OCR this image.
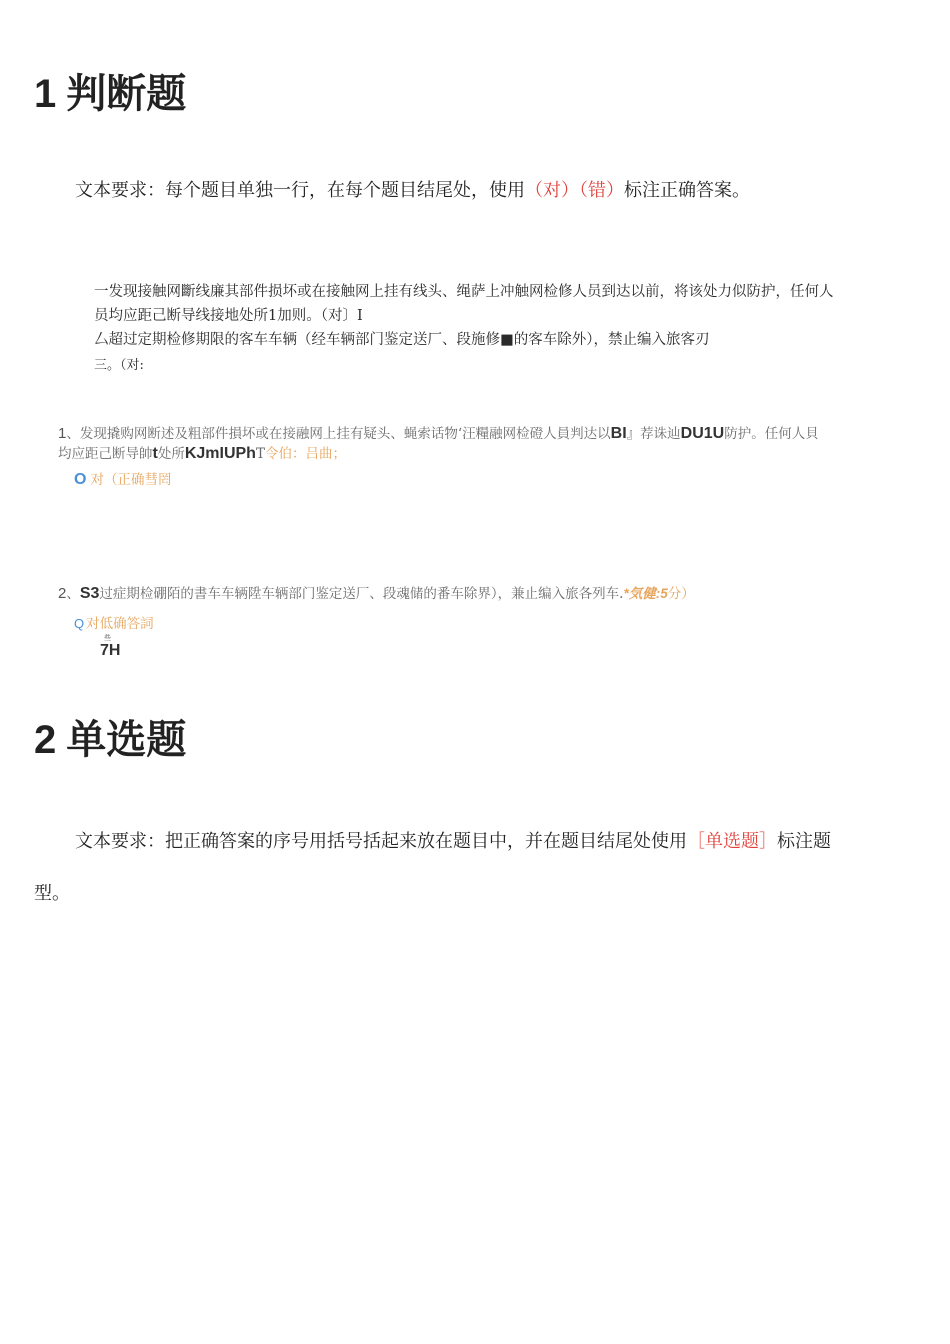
1 判断题
文本要求：每个题目单独一行，在每个题目结尾处，使用（对）（错）标注正确答案。
一发现接触网斷线廉其部件损坏或在接触网上挂有线头、绳萨上冲触网检修人员到达以前，将该处力似防护，任何人
员均应距己断导线接地处所1加则。（对〕I
厶超过定期检修期限的客车车辆（经车辆部门鉴定送厂、段施修■的客车除外），禁止编入旅客刃
三。（对:
1、发现撬购网断述及粗部件損坏或在接融网上挂有疑头、蝇索话物‘汪糧融网检磴人員判达以BI』荐诛辿DU1U防护。任何人貝
均应距己断导帥t处所KJmIUPhT令伯：吕曲；
O 对（正确彗罔
2、S3过症期检硼陌的書车车辆陞车辆部门鉴定送厂、段魂储的番车除界），兼止编入旅各列车.*気健:5分）
Q 对低确答詞
些
7H
2 单选题
文本要求：把正确答案的序号用括号括起来放在题目中，并在题目结尾处使用［单选题］标注题
型。
